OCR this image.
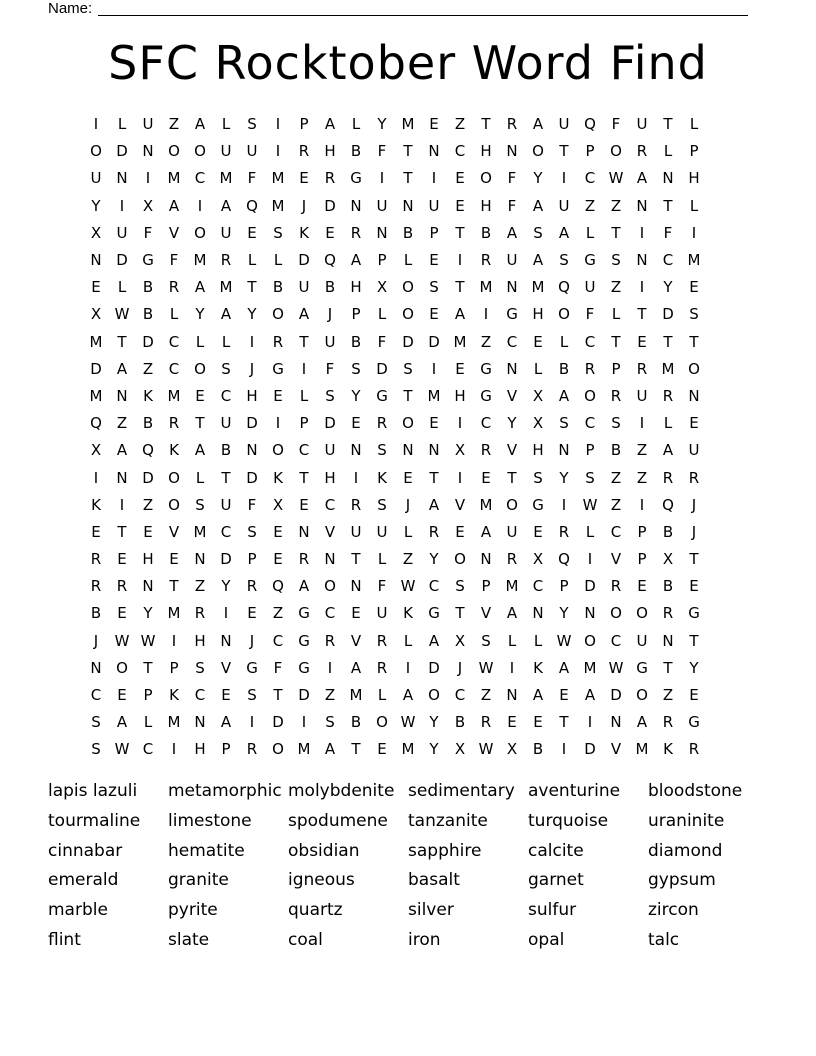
Name:
SFC Rocktober Word Find
I	L	U	Z	A	L	S	I	P	A	L	Y M E	Z	T	R	A	U Q	F	U	T	L
O D N O O U	U	I	R	H	B	F	T	N	C	H N O	T	P	O R	L	P
U N	I	M C M	F	M E	R G	I	T	I	E	O	F	Y	I	C W A	N H
Y	I	X	A	I	A Q M	J	D N U N U	E	H	F	A	U	Z	Z	N	T	L
X	U	F	V O U	E	S	K	E	R	N	B	P	T	B	A	S	A	L	T	I	F	I
N D G	F	M R	L	L	D Q A	P	L	E	I	R	U	A	S	G	S	N	C M
E	L	B	R	A M T	B	U	B	H	X O	S	T M N M Q U	Z	I	Y	E
X W B	L	Y	A	Y	O A	J	P	L	O	E	A	I	G H O	F	L	T	D	S
M T	D C	L	L	I	R	T	U	B	F	D D M Z	C	E	L	C	T	E	T	T
D	A	Z	C O	S	J	G	I	F	S	D	S	I	E	G N	L	B	R	P	R M O
M N	K M E	C	H	E	L	S	Y	G	T M H G	V	X	A O R	U	R	N
Q Z	B	R	T	U D	I	P	D	E	R O	E	I	C	Y	X	S	C	S	I	L	E
X	A Q	K	A	B	N O C	U N	S	N N	X	R	V	H N	P	B	Z	A	U
I	N D O	L	T	D	K	T	H	I	K	E	T	I	E	T	S	Y	S	Z	Z	R	R
K	I	Z O	S	U	F	X	E	C	R	S	J	A	V M O G	I	W Z	I	Q	J
E	T	E	V M C	S	E	N	V	U	U	L	R	E	A	U	E	R	L	C	P	B	J
R	E	H	E	N D	P	E	R	N	T	L	Z	Y	O N	R	X Q	I	V	P	X	T
R	R	N	T	Z	Y	R Q A O N	F W C	S	P	M C	P	D	R	E	B	E
B	E	Y M R	I	E	Z	G C	E	U	K	G	T	V	A	N	Y	N O O R G
J	W W	I	H N	J	C G R	V	R	L	A	X	S	L	L W O C	U N	T
N O	T	P	S	V	G	F	G	I	A	R	I	D	J	W	I	K	A M W G	T	Y
C	E	P	K	C	E	S	T	D	Z M	L	A O C	Z	N	A	E	A	D O Z	E
S	A	L	M N	A	I	D	I	S	B O W Y	B	R	E	E	T	I	N	A	R G
S W C	I	H	P	R O M A	T	E M Y	X W X	B	I	D	V M K	R
lapis lazuli	metamorphic molybdenite sedimentary aventurine	bloodstone
tourmaline	limestone	spodumene	tanzanite	turquoise	uraninite
cinnabar	hematite	obsidian	sapphire	calcite	diamond
emerald	granite	igneous	basalt	garnet	gypsum
marble	pyrite	quartz	silver	sulfur	zircon
flint	slate	coal	iron	opal	talc
